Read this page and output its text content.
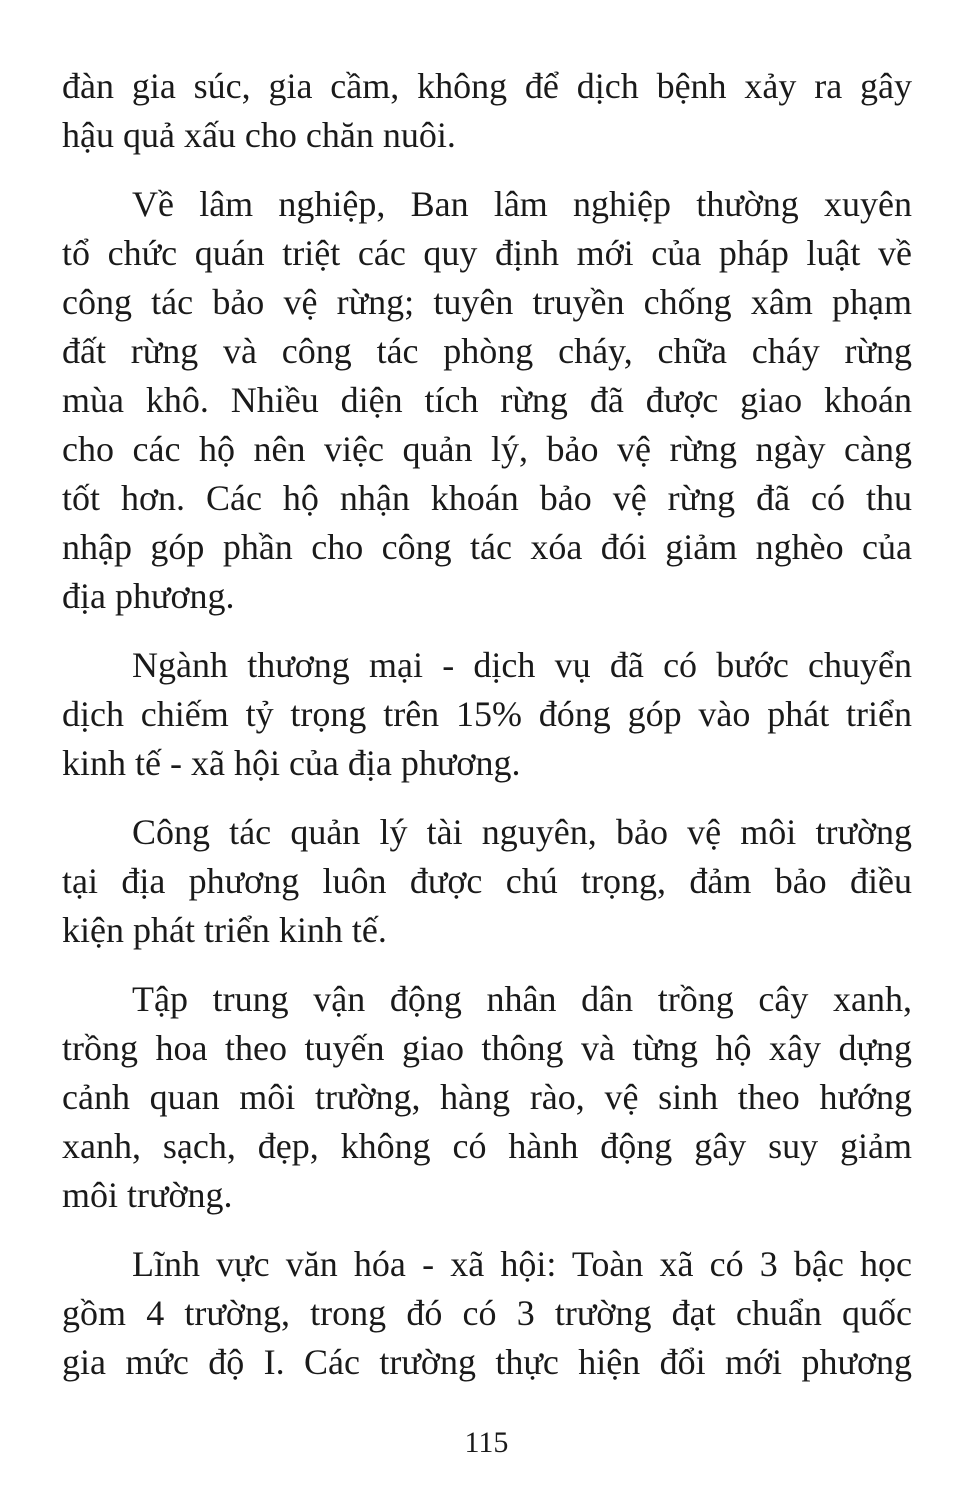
đàn gia súc, gia cầm, không để dịch bệnh xảy ra gây
hậu quả xấu cho chăn nuôi.
Về lâm nghiệp, Ban lâm nghiệp thường xuyên
tổ chức quán triệt các quy định mới của pháp luật về
công tác bảo vệ rừng; tuyên truyền chống xâm phạm
đất rừng và công tác phòng cháy, chữa cháy rừng
mùa khô. Nhiều diện tích rừng đã được giao khoán
cho các hộ nên việc quản lý, bảo vệ rừng ngày càng
tốt hơn. Các hộ nhận khoán bảo vệ rừng đã có thu
nhập góp phần cho công tác xóa đói giảm nghèo của
địa phương.
Ngành thương mại - dịch vụ đã có bước chuyển
dịch chiếm tỷ trọng trên 15% đóng góp vào phát triển
kinh tế - xã hội của địa phương.
Công tác quản lý tài nguyên, bảo vệ môi trường
tại địa phương luôn được chú trọng, đảm bảo điều
kiện phát triển kinh tế.
Tập trung vận động nhân dân trồng cây xanh,
trồng hoa theo tuyến giao thông và từng hộ xây dựng
cảnh quan môi trường, hàng rào, vệ sinh theo hướng
xanh, sạch, đẹp, không có hành động gây suy giảm
môi trường.
Lĩnh vực văn hóa - xã hội: Toàn xã có 3 bậc học
gồm 4 trường, trong đó có 3 trường đạt chuẩn quốc
gia mức độ I. Các trường thực hiện đổi mới phương
115
